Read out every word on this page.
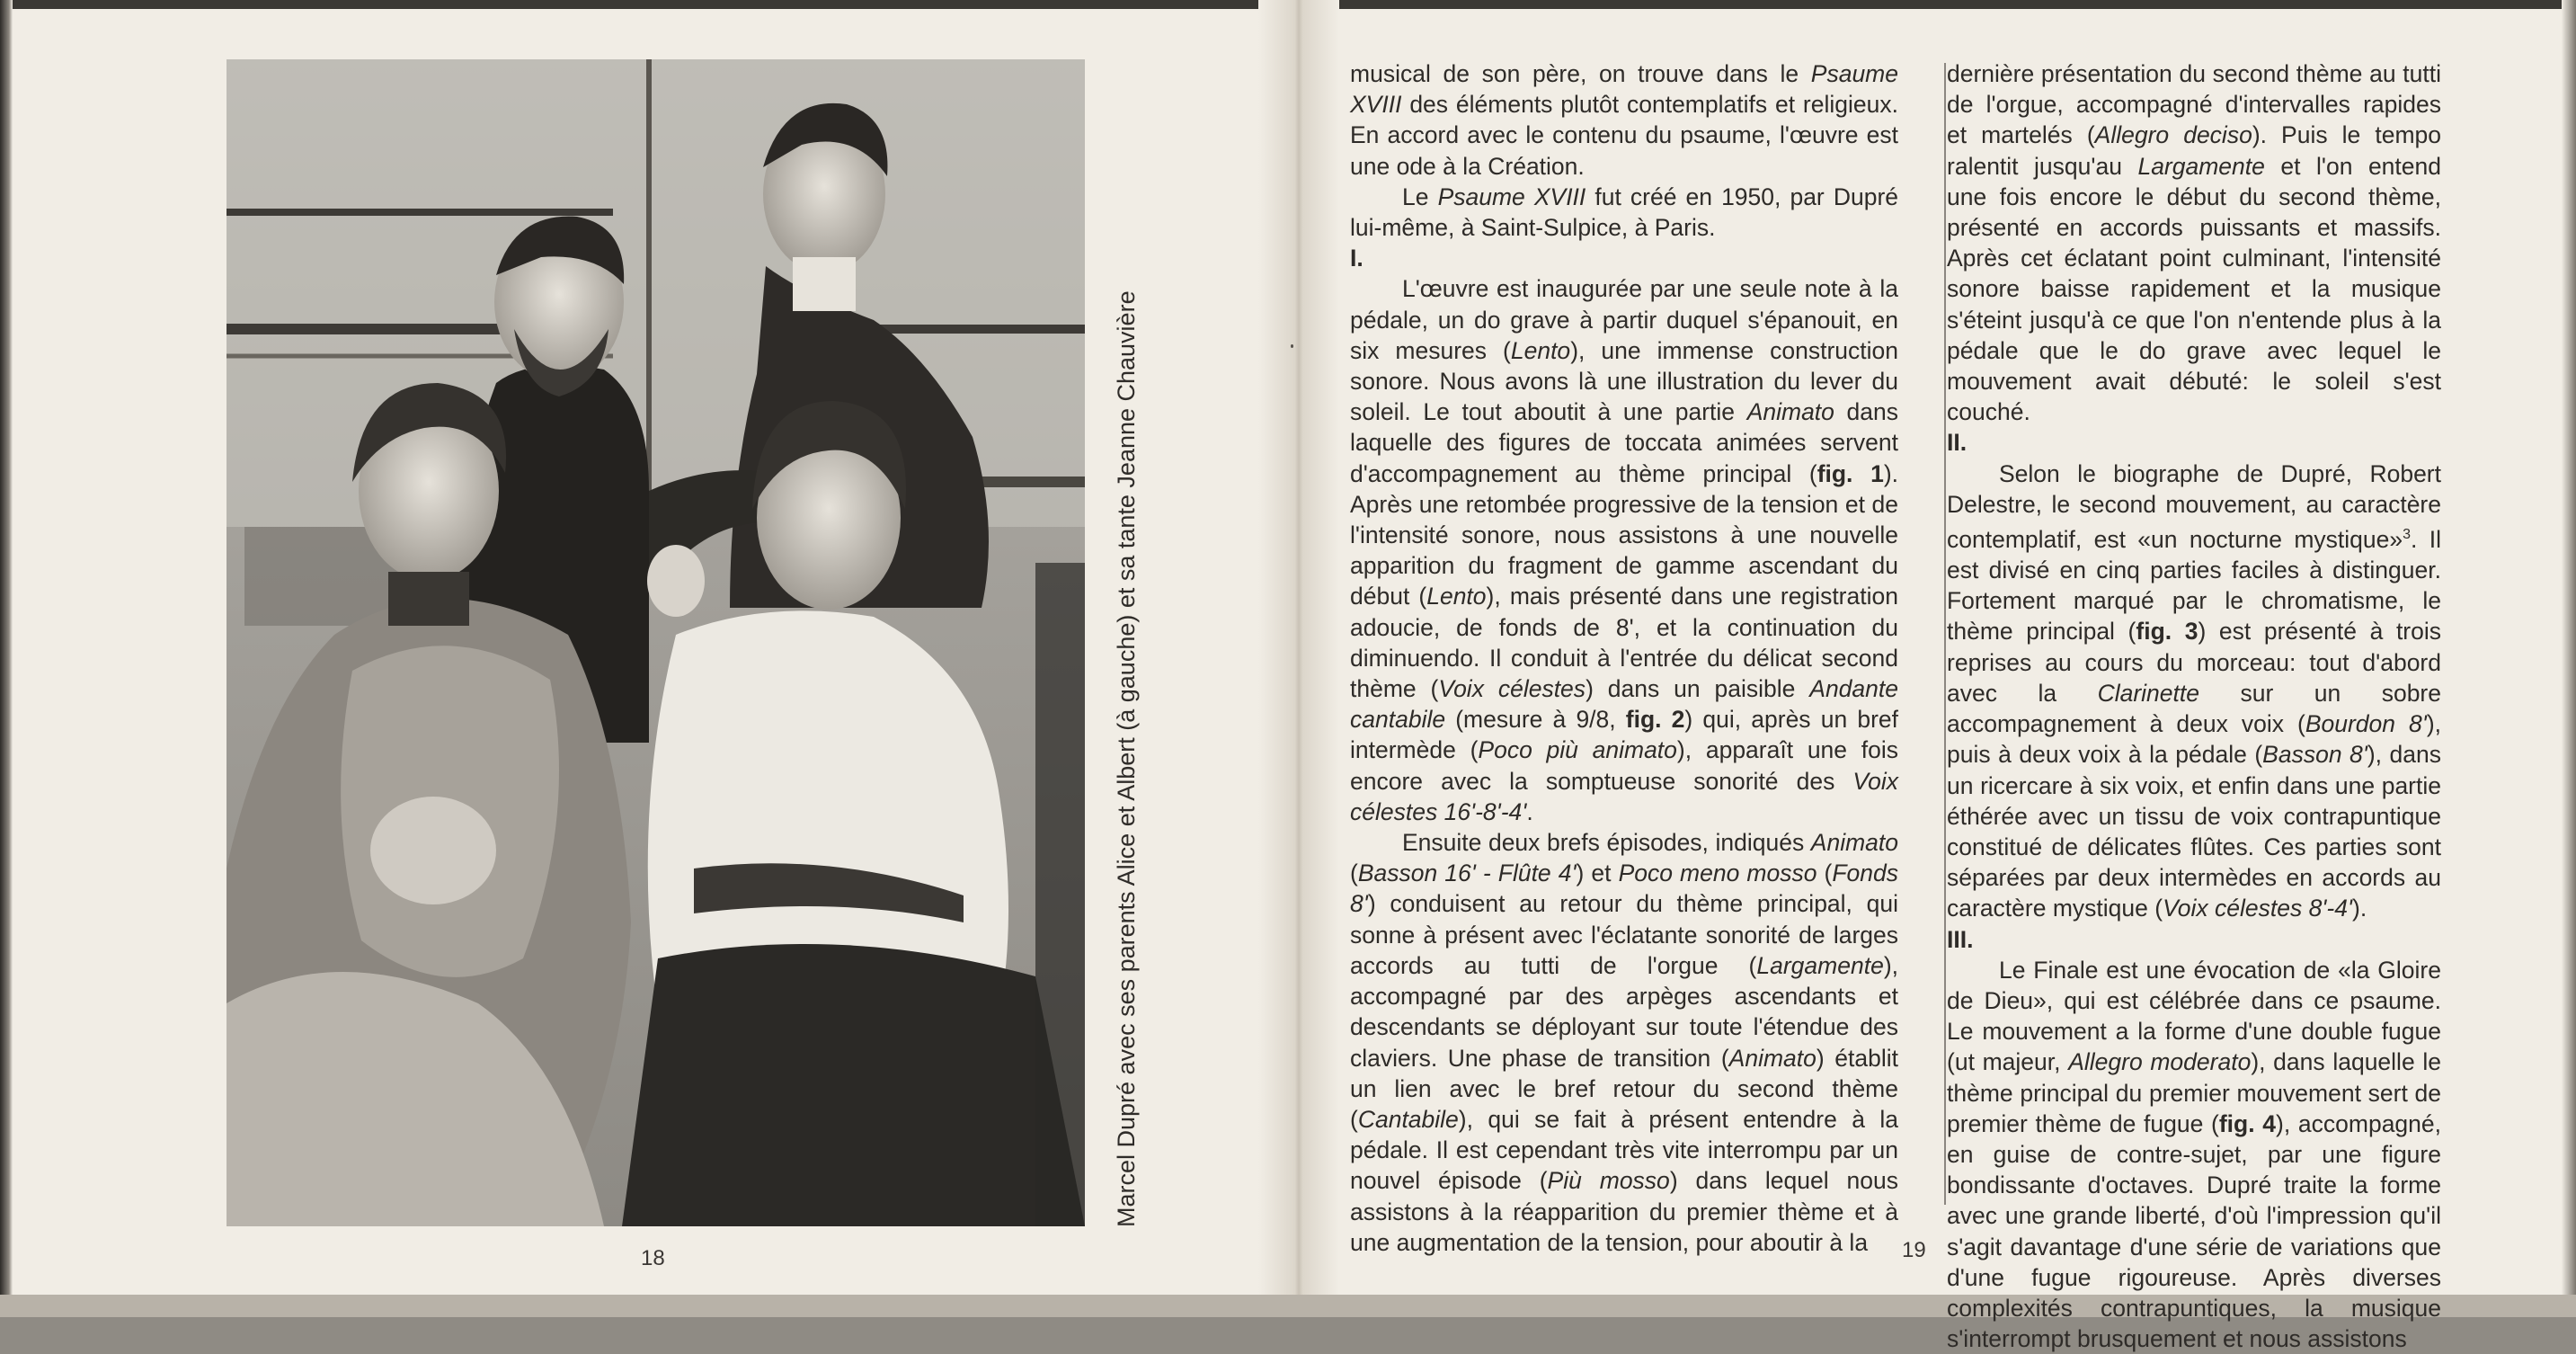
Marcel Dupré avec ses parents Alice et Albert (à gauche) et sa tante Jeanne Chauvière
18	19

musical de son père, on trouve dans le Psaume XVIII des éléments plutôt contemplatifs et religieux. En accord avec le contenu du psaume, l'œuvre est une ode à la Création.

Le Psaume XVIII fut créé en 1950, par Dupré lui-même, à Saint-Sulpice, à Paris.

I.

L'œuvre est inaugurée par une seule note à la pédale, un do grave à partir duquel s'épanouit, en six mesures (Lento), une immense construction sonore. Nous avons là une illustration du lever du soleil. Le tout aboutit à une partie Animato dans laquelle des figures de toccata animées servent d'accompagnement au thème principal (fig. 1). Après une retombée progressive de la tension et de l'intensité sonore, nous assistons à une nouvelle apparition du fragment de gamme ascendant du début (Lento), mais présenté dans une registration adoucie, de fonds de 8', et la continuation du diminuendo. Il conduit à l'entrée du délicat second thème (Voix célestes) dans un paisible Andante cantabile (mesure à 9/8, fig. 2) qui, après un bref intermède (Poco più animato), apparaît une fois encore avec la somptueuse sonorité des Voix célestes 16'-8'-4'.

Ensuite deux brefs épisodes, indiqués Animato (Basson 16' - Flûte 4') et Poco meno mosso (Fonds 8') conduisent au retour du thème principal, qui sonne à présent avec l'éclatante sonorité de larges accords au tutti de l'orgue (Largamente), accompagné par des arpèges ascendants et descendants se déployant sur toute l'étendue des claviers. Une phase de transition (Animato) établit un lien avec le bref retour du second thème (Cantabile), qui se fait à présent entendre à la pédale. Il est cependant très vite interrompu par un nouvel épisode (Più mosso) dans lequel nous assistons à la réapparition du premier thème et à une augmentation de la tension, pour aboutir à la

dernière présentation du second thème au tutti de l'orgue, accompagné d'intervalles rapides et martelés (Allegro deciso). Puis le tempo ralentit jusqu'au Largamente et l'on entend une fois encore le début du second thème, présenté en accords puissants et massifs. Après cet éclatant point culminant, l'intensité sonore baisse rapidement et la musique s'éteint jusqu'à ce que l'on n'entende plus à la pédale que le do grave avec lequel le mouvement avait débuté: le soleil s'est couché.

II.

Selon le biographe de Dupré, Robert Delestre, le second mouvement, au caractère contemplatif, est «un nocturne mystique»$^3$. Il est divisé en cinq parties faciles à distinguer. Fortement marqué par le chromatisme, le thème principal (fig. 3) est présenté à trois reprises au cours du morceau: tout d'abord avec la Clarinette sur un sobre accompagnement à deux voix (Bourdon 8'), puis à deux voix à la pédale (Basson 8'), dans un ricercare à six voix, et enfin dans une partie éthérée avec un tissu de voix contrapuntique constitué de délicates flûtes. Ces parties sont séparées par deux intermèdes en accords au caractère mystique (Voix célestes 8'-4').

III.

Le Finale est une évocation de «la Gloire de Dieu», qui est célébrée dans ce psaume. Le mouvement a la forme d'une double fugue (ut majeur, Allegro moderato), dans laquelle le thème principal du premier mouvement sert de premier thème de fugue (fig. 4), accompagné, en guise de contre-sujet, par une figure bondissante d'octaves. Dupré traite la forme avec une grande liberté, d'où l'impression qu'il s'agit davantage d'une série de variations que d'une fugue rigoureuse. Après diverses complexités contrapuntiques, la musique s'interrompt brusquement et nous assistons
